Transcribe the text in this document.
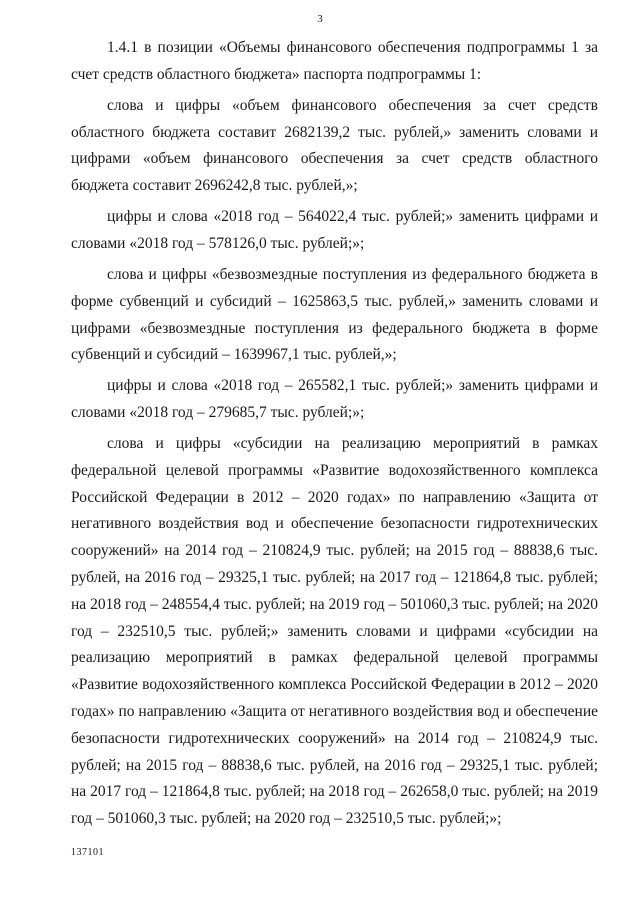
3

1.4.1 в позиции «Объемы финансового обеспечения подпрограммы 1 за счет средств областного бюджета» паспорта подпрограммы 1:

слова и цифры «объем финансового обеспечения за счет средств областного бюджета составит 2682139,2 тыс. рублей,» заменить словами и цифрами «объем финансового обеспечения за счет средств областного бюджета составит 2696242,8 тыс. рублей,»;

цифры и слова «2018 год – 564022,4 тыс. рублей;» заменить цифрами и словами «2018 год – 578126,0 тыс. рублей;»;

слова и цифры «безвозмездные поступления из федерального бюджета в форме субвенций и субсидий – 1625863,5 тыс. рублей,» заменить словами и цифрами «безвозмездные поступления из федерального бюджета в форме субвенций и субсидий – 1639967,1 тыс. рублей,»;

цифры и слова «2018 год – 265582,1 тыс. рублей;» заменить цифрами и словами «2018 год – 279685,7 тыс. рублей;»;

слова и цифры «субсидии на реализацию мероприятий в рамках федеральной целевой программы «Развитие водохозяйственного комплекса Российской Федерации в 2012 – 2020 годах» по направлению «Защита от негативного воздействия вод и обеспечение безопасности гидротехнических сооружений» на 2014 год – 210824,9 тыс. рублей; на 2015 год – 88838,6 тыс. рублей, на 2016 год – 29325,1 тыс. рублей; на 2017 год – 121864,8 тыс. рублей; на 2018 год – 248554,4 тыс. рублей; на 2019 год – 501060,3 тыс. рублей; на 2020 год – 232510,5 тыс. рублей;» заменить словами и цифрами «субсидии на реализацию мероприятий в рамках федеральной целевой программы «Развитие водохозяйственного комплекса Российской Федерации в 2012 – 2020 годах» по направлению «Защита от негативного воздействия вод и обеспечение безопасности гидротехнических сооружений» на 2014 год – 210824,9 тыс. рублей; на 2015 год – 88838,6 тыс. рублей, на 2016 год – 29325,1 тыс. рублей; на 2017 год – 121864,8 тыс. рублей; на 2018 год – 262658,0 тыс. рублей; на 2019 год – 501060,3 тыс. рублей; на 2020 год – 232510,5 тыс. рублей;»;

137101
